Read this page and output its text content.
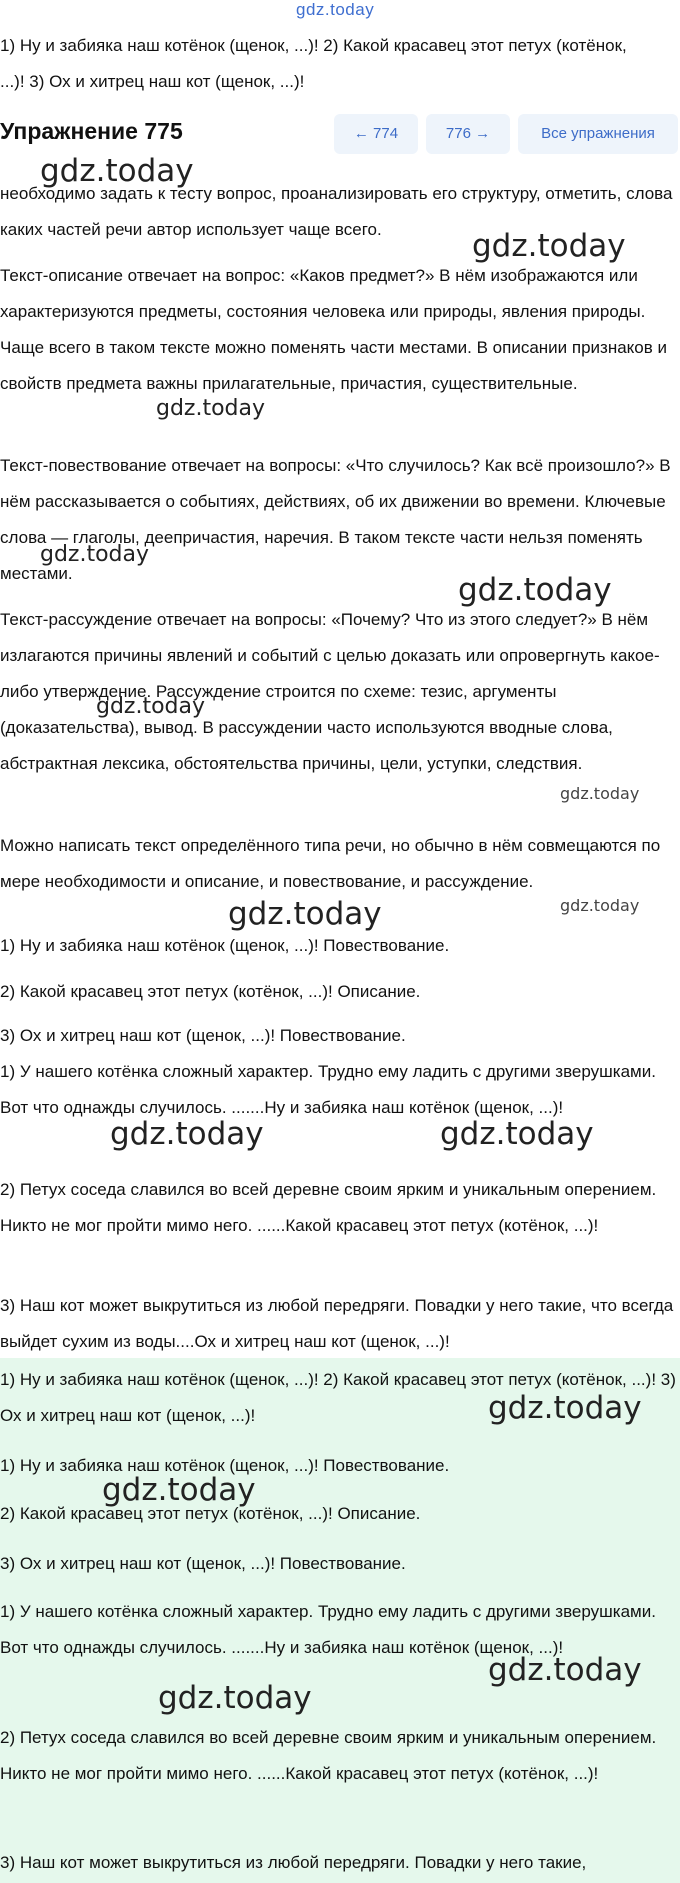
gdz.today

1) Ну и забияка наш котёнок (щенок, ...)! 2) Какой красавец этот петух (котёнок,

...)! 3) Ох и хитрец наш кот (щенок, ...)!

Упражнение 775	← 774	776 →	Все упражнения

необходимо задать к тесту вопрос, проанализировать его структуру, отметить, слова каких частей речи автор использует чаще всего.

Текст-описание отвечает на вопрос: «Каков предмет?» В нём изображаются или характеризуются предметы, состояния человека или природы, явления природы. Чаще всего в таком тексте можно поменять части местами. В описании признаков и свойств предмета важны прилагательные, причастия, существительные.

Текст-повествование отвечает на вопросы: «Что случилось? Как всё произошло?» В нём рассказывается о событиях, действиях, об их движении во времени. Ключевые слова — глаголы, деепричастия, наречия. В таком тексте части нельзя поменять местами.

Текст-рассуждение отвечает на вопросы: «Почему? Что из этого следует?» В нём излагаются причины явлений и событий с целью доказать или опровергнуть какое-либо утверждение. Рассуждение строится по схеме: тезис, аргументы (доказательства), вывод. В рассуждении часто используются вводные слова, абстрактная лексика, обстоятельства причины, цели, уступки, следствия.

Можно написать текст определённого типа речи, но обычно в нём совмещаются по мере необходимости и описание, и повествование, и рассуждение.

1) Ну и забияка наш котёнок (щенок, ...)! Повествование.

2) Какой красавец этот петух (котёнок, ...)! Описание.

3) Ох и хитрец наш кот (щенок, ...)! Повествование.

1) У нашего котёнка сложный характер. Трудно ему ладить с другими зверушками. Вот что однажды случилось. .......Ну и забияка наш котёнок (щенок, ...)!

2) Петух соседа славился во всей деревне своим ярким и уникальным оперением. Никто не мог пройти мимо него. ......Какой красавец этот петух (котёнок, ...)!

3) Наш кот может выкрутиться из любой передряги. Повадки у него такие, что всегда выйдет сухим из воды....Ох и хитрец наш кот (щенок, ...)!

1) Ну и забияка наш котёнок (щенок, ...)! 2) Какой красавец этот петух (котёнок, ...)! 3) Ох и хитрец наш кот (щенок, ...)!

1) Ну и забияка наш котёнок (щенок, ...)! Повествование.

2) Какой красавец этот петух (котёнок, ...)! Описание.

3) Ох и хитрец наш кот (щенок, ...)! Повествование.

1) У нашего котёнка сложный характер. Трудно ему ладить с другими зверушками. Вот что однажды случилось. .......Ну и забияка наш котёнок (щенок, ...)!

2) Петух соседа славился во всей деревне своим ярким и уникальным оперением. Никто не мог пройти мимо него. ......Какой красавец этот петух (котёнок, ...)!

3) Наш кот может выкрутиться из любой передряги. Повадки у него такие,

gdz.today
gdz.today
gdz.today
gdz.today
gdz.today
gdz.today
gdz.today
gdz.today	gdz.today
gdz.today	gdz.today
gdz.today
gdz.today
gdz.today
gdz.today
